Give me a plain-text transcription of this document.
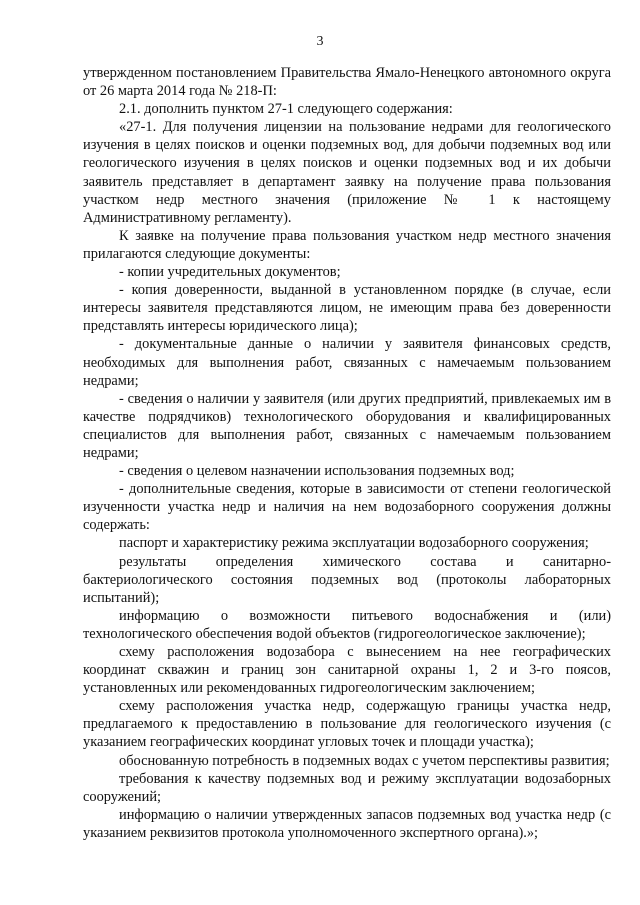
3

утвержденном постановлением Правительства Ямало-Ненецкого автономного округа от 26 марта 2014 года № 218-П:

2.1. дополнить пунктом 27-1 следующего содержания:

«27-1. Для получения лицензии на пользование недрами для геологического изучения в целях поисков и оценки подземных вод, для добычи подземных вод или геологического изучения в целях поисков и оценки подземных вод и их добычи заявитель представляет в департамент заявку на получение права пользования участком недр местного значения (приложение № 1 к настоящему Административному регламенту).

К заявке на получение права пользования участком недр местного значения прилагаются следующие документы:

- копии учредительных документов;

- копия доверенности, выданной в установленном порядке (в случае, если интересы заявителя представляются лицом, не имеющим права без доверенности представлять интересы юридического лица);

- документальные данные о наличии у заявителя финансовых средств, необходимых для выполнения работ, связанных с намечаемым пользованием недрами;

- сведения о наличии у заявителя (или других предприятий, привлекаемых им в качестве подрядчиков) технологического оборудования и квалифицированных специалистов для выполнения работ, связанных с намечаемым пользованием недрами;

- сведения о целевом назначении использования подземных вод;

- дополнительные сведения, которые в зависимости от степени геологической изученности участка недр и наличия на нем водозаборного сооружения должны содержать:

паспорт и характеристику режима эксплуатации водозаборного сооружения;

результаты определения химического состава и санитарно-бактериологического состояния подземных вод (протоколы лабораторных испытаний);

информацию о возможности питьевого водоснабжения и (или) технологического обеспечения водой объектов (гидрогеологическое заключение);

схему расположения водозабора с вынесением на нее географических координат скважин и границ зон санитарной охраны 1, 2 и 3-го поясов, установленных или рекомендованных гидрогеологическим заключением;

схему расположения участка недр, содержащую границы участка недр, предлагаемого к предоставлению в пользование для геологического изучения (с указанием географических координат угловых точек и площади участка);

обоснованную потребность в подземных водах с учетом перспективы развития;

требования к качеству подземных вод и режиму эксплуатации водозаборных сооружений;

информацию о наличии утвержденных запасов подземных вод участка недр (с указанием реквизитов протокола уполномоченного экспертного органа).»;
